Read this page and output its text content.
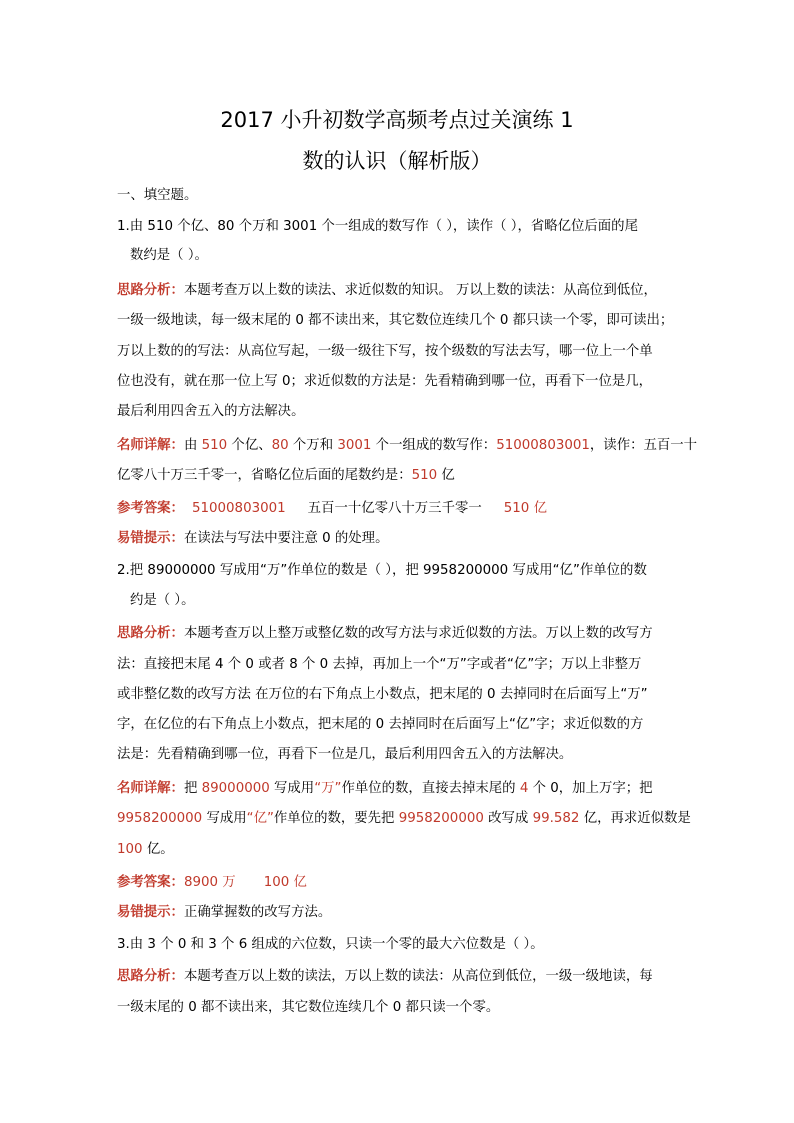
2017 小升初数学高频考点过关演练 1
数的认识（解析版）
一、填空题。
1.由 510 个亿、80 个万和 3001 个一组成的数写作（ ），读作（ ），省略亿位后面的尾
数约是（ ）。
思路分析：本题考查万以上数的读法、求近似数的知识。 万以上数的读法：从高位到低位，
一级一级地读，每一级末尾的 0 都不读出来，其它数位连续几个 0 都只读一个零，即可读出；
万以上数的的写法：从高位写起，一级一级往下写，按个级数的写法去写，哪一位上一个单
位也没有，就在那一位上写 0；求近似数的方法是：先看精确到哪一位，再看下一位是几，
最后利用四舍五入的方法解决。
名师详解：由 510 个亿、80 个万和 3001 个一组成的数写作：51000803001，读作：五百一十
亿零八十万三千零一，省略亿位后面的尾数约是：510 亿
参考答案： 51000803001 五百一十亿零八十万三千零一 510 亿
易错提示：在读法与写法中要注意 0 的处理。
2.把 89000000 写成用“万”作单位的数是（ ），把 9958200000 写成用“亿”作单位的数
约是（ ）。
思路分析：本题考查万以上整万或整亿数的改写方法与求近似数的方法。万以上数的改写方
法：直接把末尾 4 个 0 或者 8 个 0 去掉，再加上一个“万”字或者“亿”字；万以上非整万
或非整亿数的改写方法 在万位的右下角点上小数点，把末尾的 0 去掉同时在后面写上“万”
字，在亿位的右下角点上小数点，把末尾的 0 去掉同时在后面写上“亿”字；求近似数的方
法是：先看精确到哪一位，再看下一位是几，最后利用四舍五入的方法解决。
名师详解：把 89000000 写成用“万”作单位的数，直接去掉末尾的 4 个 0，加上万字；把
9958200000 写成用“亿”作单位的数，要先把 9958200000 改写成 99.582 亿，再求近似数是
100 亿。
参考答案：8900 万 100 亿
易错提示：正确掌握数的改写方法。
3.由 3 个 0 和 3 个 6 组成的六位数，只读一个零的最大六位数是（ ）。
思路分析：本题考查万以上数的读法，万以上数的读法：从高位到低位，一级一级地读，每
一级末尾的 0 都不读出来，其它数位连续几个 0 都只读一个零。
